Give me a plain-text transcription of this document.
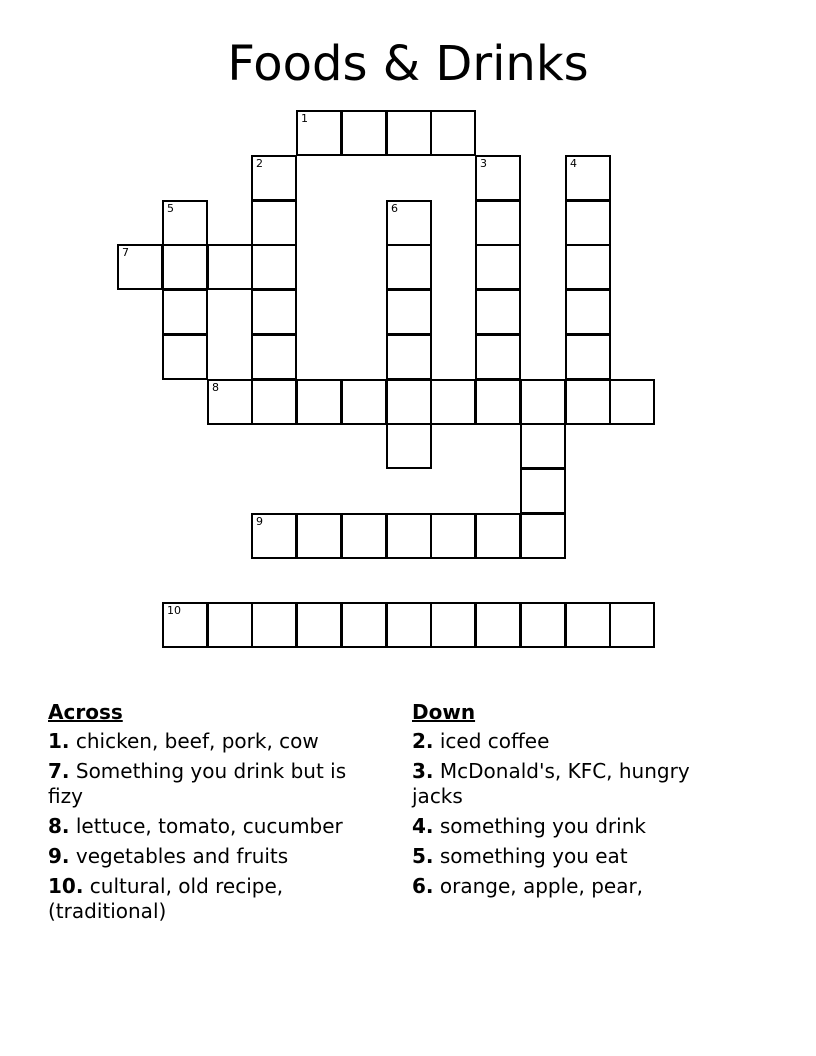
Foods & Drinks
1
2	3	4
5	6
7
8
9
10
Across
1. chicken, beef, pork, cow
7. Something you drink but is fizy
8. lettuce, tomato, cucumber
9. vegetables and fruits
10. cultural, old recipe, (traditional)
Down
2. iced coffee
3. McDonald's, KFC, hungry jacks
4. something you drink
5. something you eat
6. orange, apple, pear,
